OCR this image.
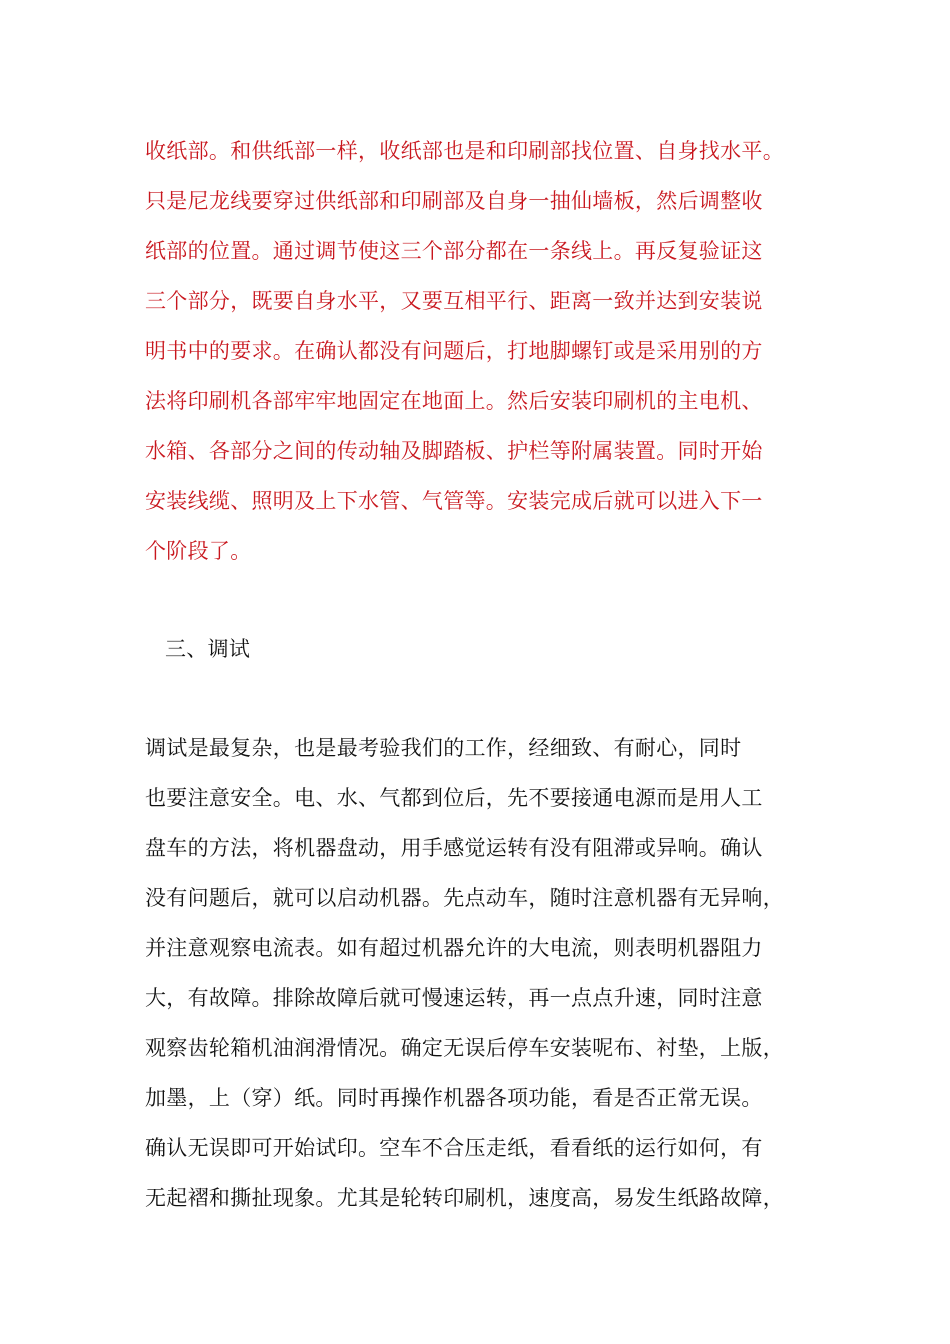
收纸部。和供纸部一样，收纸部也是和印刷部找位置、自身找水平。
只是尼龙线要穿过供纸部和印刷部及自身一抽仙墙板，然后调整收
纸部的位置。通过调节使这三个部分都在一条线上。再反复验证这
三个部分，既要自身水平，又要互相平行、距离一致并达到安装说
明书中的要求。在确认都没有问题后，打地脚螺钉或是采用别的方
法将印刷机各部牢牢地固定在地面上。然后安装印刷机的主电机、
水箱、各部分之间的传动轴及脚踏板、护栏等附属装置。同时开始
安装线缆、照明及上下水管、气管等。安装完成后就可以进入下一
个阶段了。
三、调试
调试是最复杂，也是最考验我们的工作，经细致、有耐心，同时
也要注意安全。电、水、气都到位后，先不要接通电源而是用人工
盘车的方法，将机器盘动，用手感觉运转有没有阻滞或异响。确认
没有问题后，就可以启动机器。先点动车，随时注意机器有无异响，
并注意观察电流表。如有超过机器允许的大电流，则表明机器阻力
大，有故障。排除故障后就可慢速运转，再一点点升速，同时注意
观察齿轮箱机油润滑情况。确定无误后停车安装呢布、衬垫，上版，
加墨，上（穿）纸。同时再操作机器各项功能，看是否正常无误。
确认无误即可开始试印。空车不合压走纸，看看纸的运行如何，有
无起褶和撕扯现象。尤其是轮转印刷机，速度高，易发生纸路故障，
